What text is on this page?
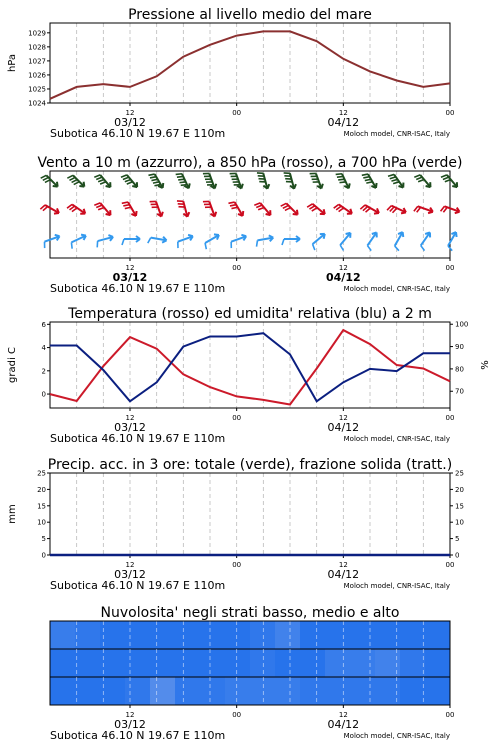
Pressione al livello medio del mare
12	00	12	00
03/12	04/12
Subotica 46.10 N 19.67 E 110m	Moloch model, CNR-ISAC, Italy
1024
1025
1026
1027
1028
1029
hPa
Vento a 10 m (azzurro), a 850 hPa (rosso), a 700 hPa (verde)
12	00	12	00
03/12	04/12
Subotica 46.10 N 19.67 E 110m	Moloch model, CNR-ISAC, Italy
Temperatura (rosso) ed umidita' relativa (blu) a 2 m
12	00	12	00
03/12	04/12
Subotica 46.10 N 19.67 E 110m	Moloch model, CNR-ISAC, Italy
0
2
4
6
70
80
90
100
gradi C	%
Precip. acc. in 3 ore: totale (verde), frazione solida (tratt.)
12	00	12	00
03/12	04/12
Subotica 46.10 N 19.67 E 110m	Moloch model, CNR-ISAC, Italy
0
5
10
15
20
25
0
5
10
15
20
25
mm
Nuvolosita' negli strati basso, medio e alto
12	00	12	00
03/12	04/12
Subotica 46.10 N 19.67 E 110m	Moloch model, CNR-ISAC, Italy
